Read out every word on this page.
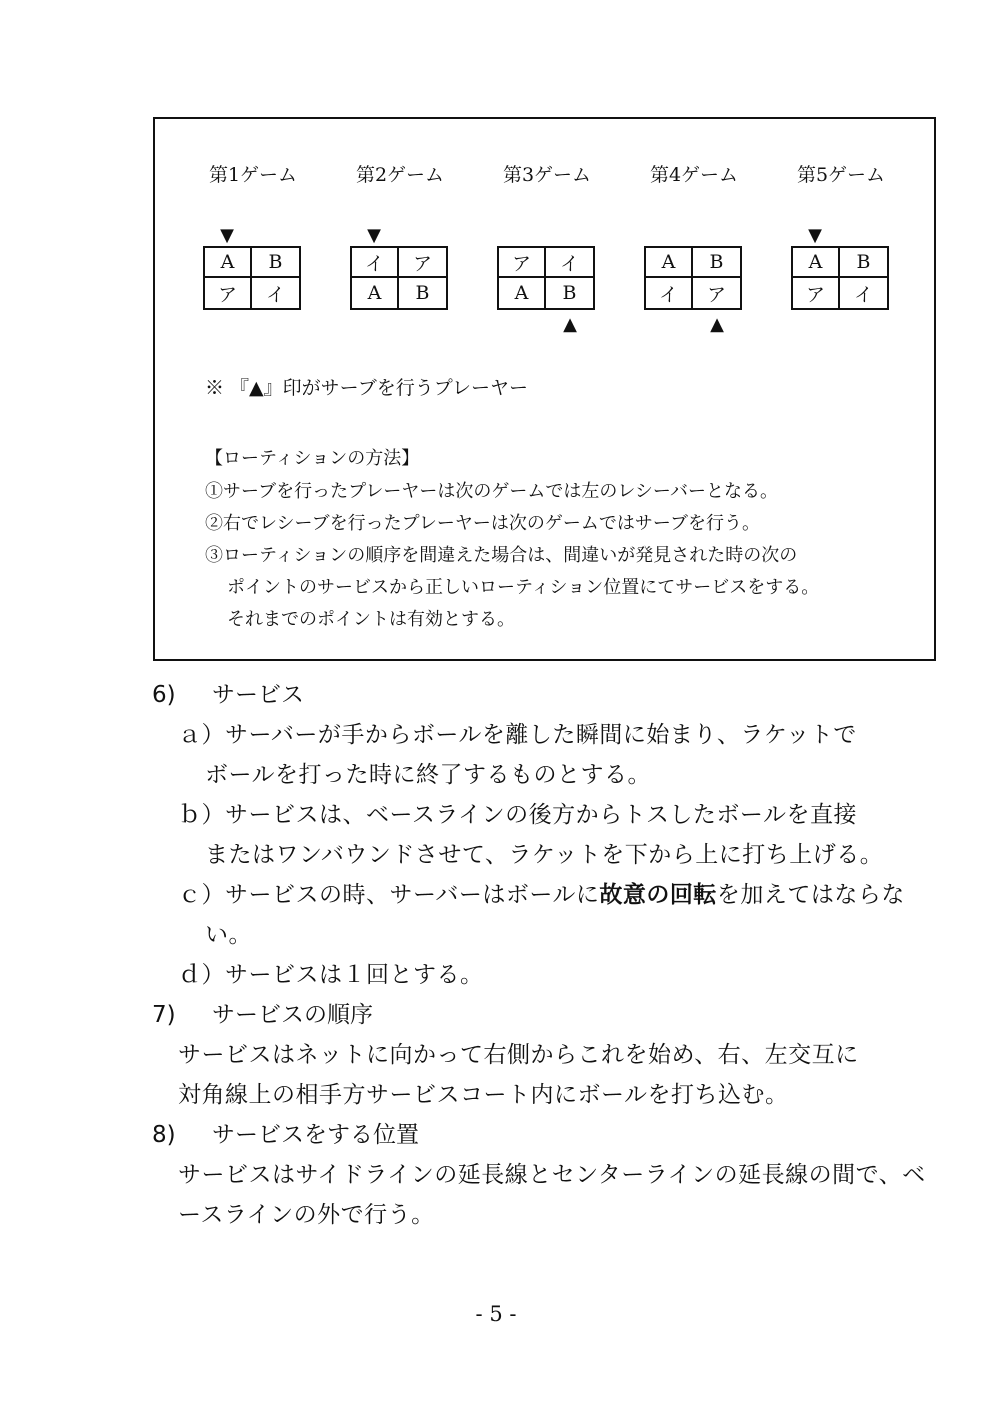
第1ゲーム
▼
A	B
ア	イ
第2ゲーム
▼
イ	ア
A	B
第3ゲーム
ア	イ
A	B
▲
第4ゲーム
A	B
イ	ア
▲
第5ゲーム
▼
A	B
ア	イ
※ 『▲』印がサーブを行うプレーヤー
【ローティションの方法】
①サーブを行ったプレーヤーは次のゲームでは左のレシーバーとなる。
②右でレシーブを行ったプレーヤーは次のゲームではサーブを行う。
③ローティションの順序を間違えた場合は、間違いが発見された時の次の
ポイントのサービスから正しいローティション位置にてサービスをする。
それまでのポイントは有効とする。
6) サービス
ａ）サーバーが手からボールを離した瞬間に始まり、ラケットで
ボールを打った時に終了するものとする。
ｂ）サービスは、ベースラインの後方からトスしたボールを直接
またはワンバウンドさせて、ラケットを下から上に打ち上げる。
ｃ）サービスの時、サーバーはボールに故意の回転を加えてはならな
い。
ｄ）サービスは１回とする。
7) サービスの順序
サービスはネットに向かって右側からこれを始め、右、左交互に
対角線上の相手方サービスコート内にボールを打ち込む。
8) サービスをする位置
サービスはサイドラインの延長線とセンターラインの延長線の間で、ベ
ースラインの外で行う。
- 5 -
